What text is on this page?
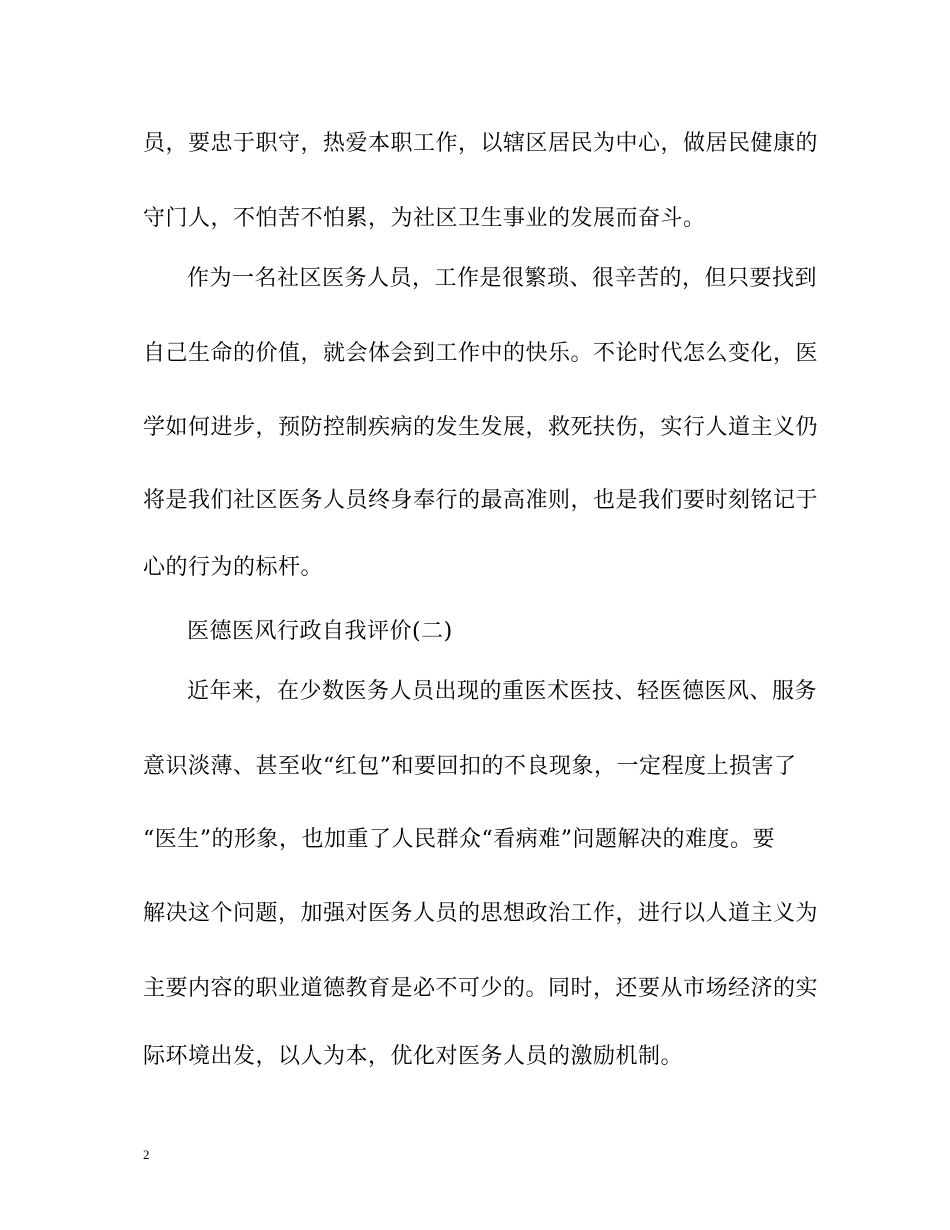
员，要忠于职守，热爱本职工作，以辖区居民为中心，做居民健康的
守门人，不怕苦不怕累，为社区卫生事业的发展而奋斗。
作为一名社区医务人员，工作是很繁琐、很辛苦的，但只要找到
自己生命的价值，就会体会到工作中的快乐。不论时代怎么变化，医
学如何进步，预防控制疾病的发生发展，救死扶伤，实行人道主义仍
将是我们社区医务人员终身奉行的最高准则，也是我们要时刻铭记于
心的行为的标杆。
医德医风行政自我评价(二)
近年来，在少数医务人员出现的重医术医技、轻医德医风、服务
意识淡薄、甚至收“红包”和要回扣的不良现象，一定程度上损害了
“医生”的形象，也加重了人民群众“看病难”问题解决的难度。要
解决这个问题，加强对医务人员的思想政治工作，进行以人道主义为
主要内容的职业道德教育是必不可少的。同时，还要从市场经济的实
际环境出发，以人为本，优化对医务人员的激励机制。
2
